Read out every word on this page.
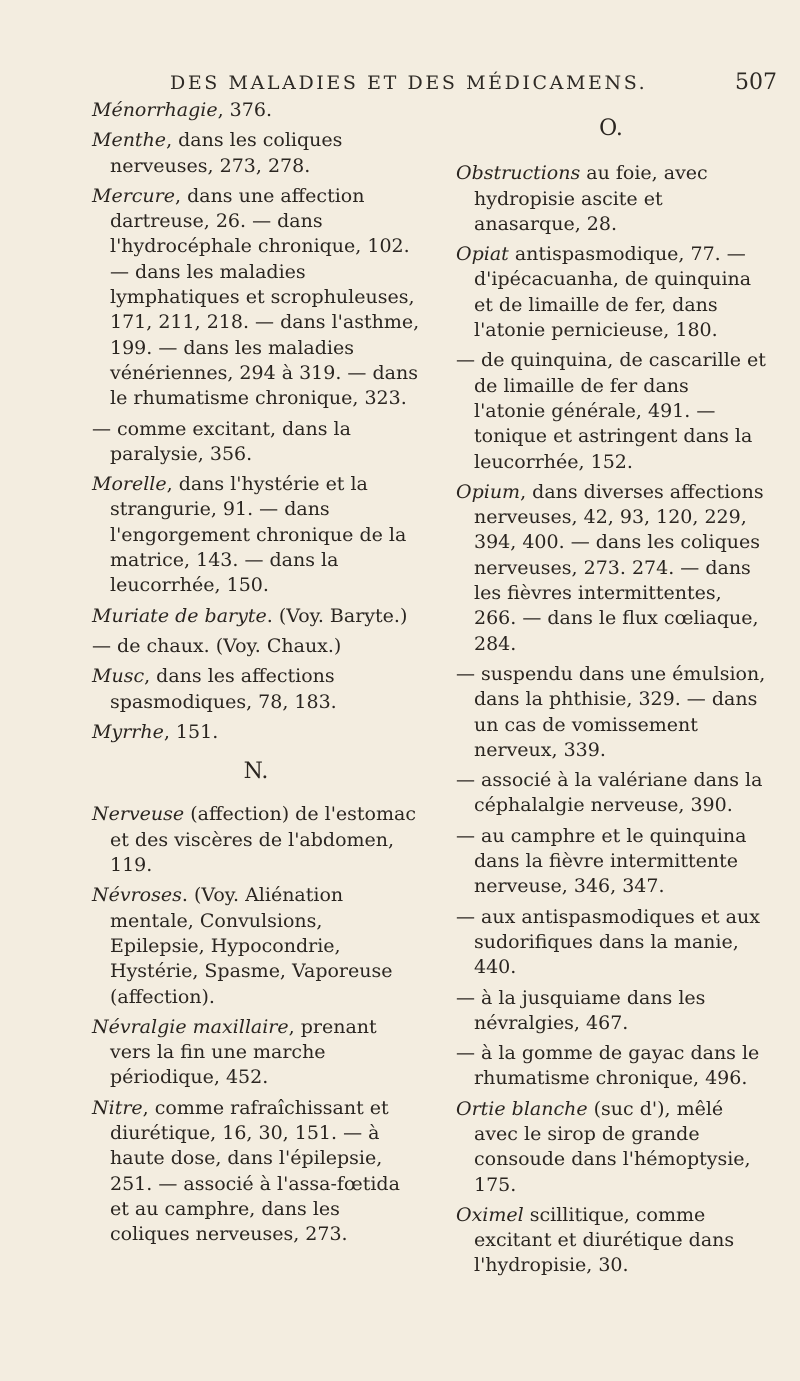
DES MALADIES ET DES MÉDICAMENS.	507

Ménorrhagie, 376.

Menthe, dans les coliques nerveuses, 273, 278.

Mercure, dans une affection dartreuse, 26. — dans l'hydrocéphale chronique, 102. — dans les maladies lymphatiques et scrophuleuses, 171, 211, 218. — dans l'asthme, 199. — dans les maladies vénériennes, 294 à 319. — dans le rhumatisme chronique, 323.

— comme excitant, dans la paralysie, 356.

Morelle, dans l'hystérie et la strangurie, 91. — dans l'engorgement chronique de la matrice, 143. — dans la leucorrhée, 150.

Muriate de baryte. (Voy. Baryte.)

— de chaux. (Voy. Chaux.)

Musc, dans les affections spasmodiques, 78, 183.

Myrrhe, 151.

N.

Nerveuse (affection) de l'estomac et des viscères de l'abdomen, 119.

Névroses. (Voy. Aliénation mentale, Convulsions, Epilepsie, Hypocondrie, Hystérie, Spasme, Vaporeuse (affection).

Névralgie maxillaire, prenant vers la fin une marche périodique, 452.

Nitre, comme rafraîchissant et diurétique, 16, 30, 151. — à haute dose, dans l'épilepsie, 251. — associé à l'assa-fœtida et au camphre, dans les coliques nerveuses, 273.

O.

Obstructions au foie, avec hydropisie ascite et anasarque, 28.

Opiat antispasmodique, 77. — d'ipécacuanha, de quinquina et de limaille de fer, dans l'atonie pernicieuse, 180.

— de quinquina, de cascarille et de limaille de fer dans l'atonie générale, 491. — tonique et astringent dans la leucorrhée, 152.

Opium, dans diverses affections nerveuses, 42, 93, 120, 229, 394, 400. — dans les coliques nerveuses, 273. 274. — dans les fièvres intermittentes, 266. — dans le flux cœliaque, 284.

— suspendu dans une émulsion, dans la phthisie, 329. — dans un cas de vomissement nerveux, 339.

— associé à la valériane dans la céphalalgie nerveuse, 390.

— au camphre et le quinquina dans la fièvre intermittente nerveuse, 346, 347.

— aux antispasmodiques et aux sudorifiques dans la manie, 440.

— à la jusquiame dans les névralgies, 467.

— à la gomme de gayac dans le rhumatisme chronique, 496.

Ortie blanche (suc d'), mêlé avec le sirop de grande consoude dans l'hémoptysie, 175.

Oximel scillitique, comme excitant et diurétique dans l'hydropisie, 30.
